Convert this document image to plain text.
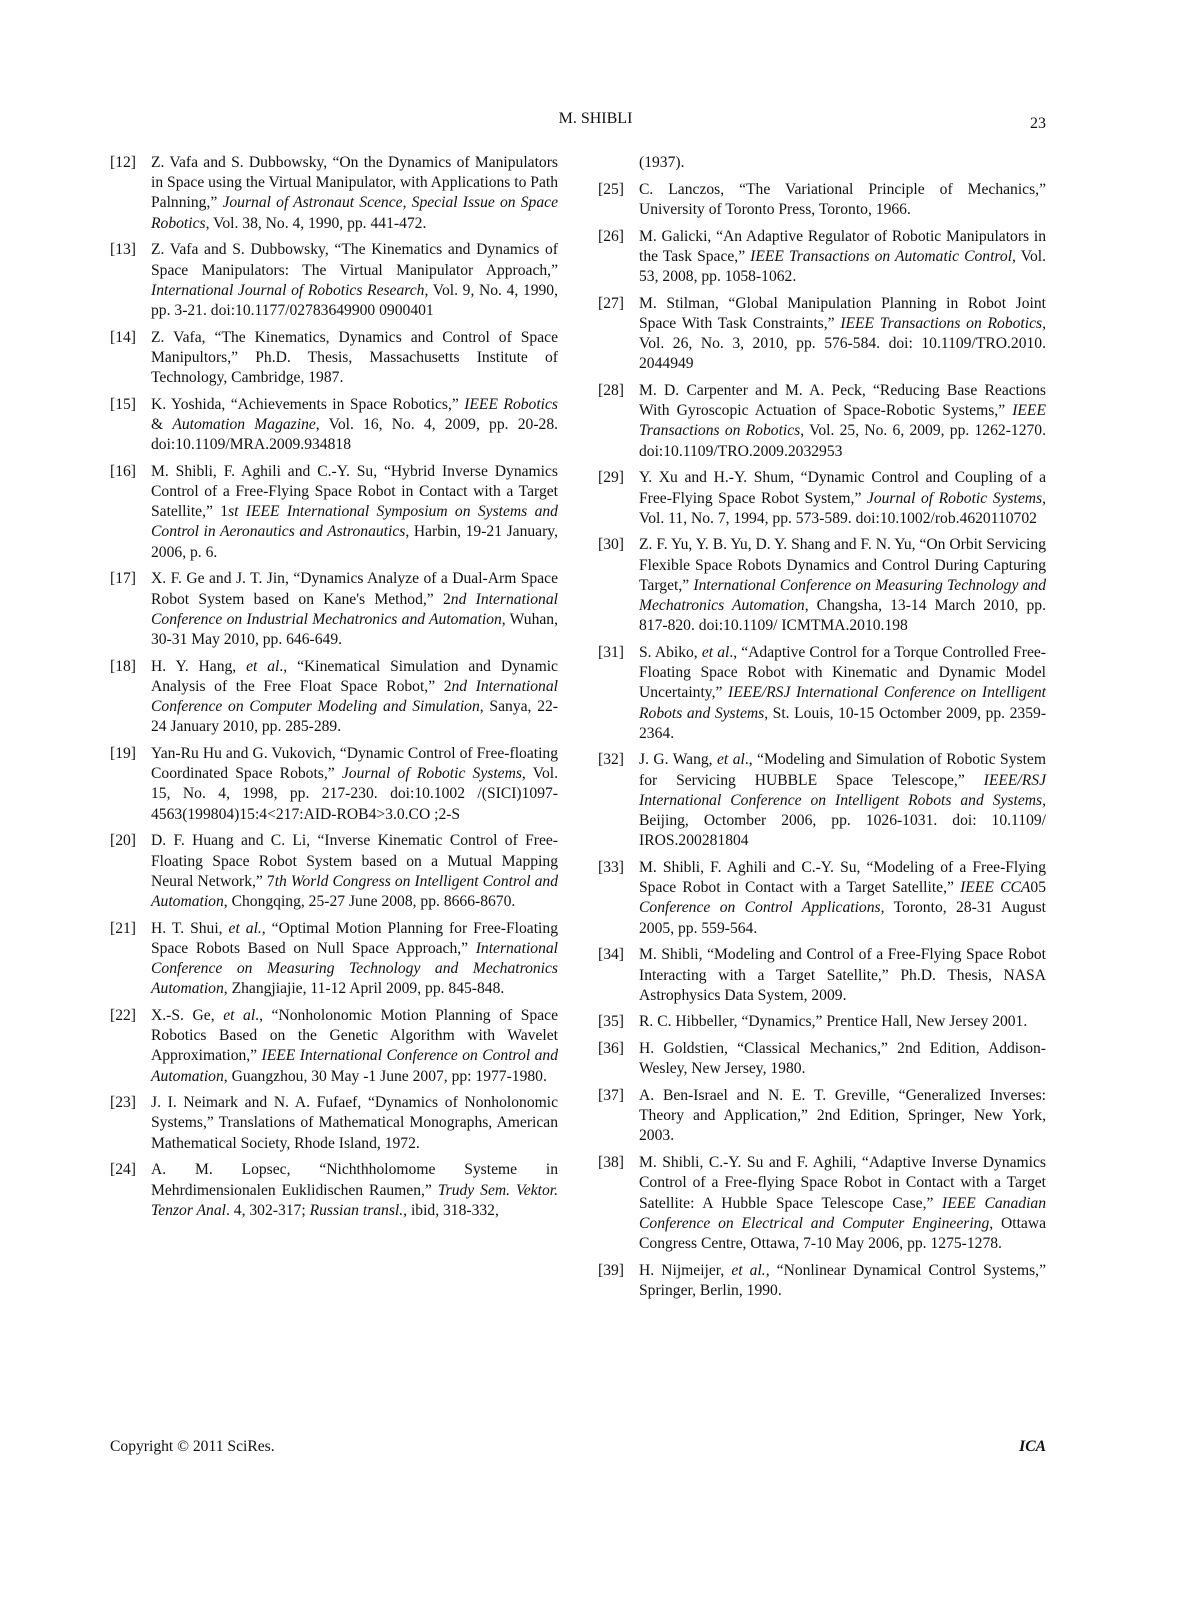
M. SHIBLI	23
[12] Z. Vafa and S. Dubbowsky, “On the Dynamics of Manipulators in Space using the Virtual Manipulator, with Applications to Path Palnning,” Journal of Astronaut Scence, Special Issue on Space Robotics, Vol. 38, No. 4, 1990, pp. 441-472.
[13] Z. Vafa and S. Dubbowsky, “The Kinematics and Dynamics of Space Manipulators: The Virtual Manipulator Approach,” International Journal of Robotics Research, Vol. 9, No. 4, 1990, pp. 3-21. doi:10.1177/02783649900 0900401
[14] Z. Vafa, “The Kinematics, Dynamics and Control of Space Manipultors,” Ph.D. Thesis, Massachusetts Institute of Technology, Cambridge, 1987.
[15] K. Yoshida, “Achievements in Space Robotics,” IEEE Robotics & Automation Magazine, Vol. 16, No. 4, 2009, pp. 20-28. doi:10.1109/MRA.2009.934818
[16] M. Shibli, F. Aghili and C.-Y. Su, “Hybrid Inverse Dynamics Control of a Free-Flying Space Robot in Contact with a Target Satellite,” 1st IEEE International Symposium on Systems and Control in Aeronautics and Astronautics, Harbin, 19-21 January, 2006, p. 6.
[17] X. F. Ge and J. T. Jin, “Dynamics Analyze of a Dual-Arm Space Robot System based on Kane's Method,” 2nd International Conference on Industrial Mechatronics and Automation, Wuhan, 30-31 May 2010, pp. 646-649.
[18] H. Y. Hang, et al., “Kinematical Simulation and Dynamic Analysis of the Free Float Space Robot,” 2nd International Conference on Computer Modeling and Simulation, Sanya, 22-24 January 2010, pp. 285-289.
[19] Yan-Ru Hu and G. Vukovich, “Dynamic Control of Free-floating Coordinated Space Robots,” Journal of Robotic Systems, Vol. 15, No. 4, 1998, pp. 217-230. doi:10.1002 /(SICI)1097-4563(199804)15:4<217:AID-ROB4>3.0.CO ;2-S
[20] D. F. Huang and C. Li, “Inverse Kinematic Control of Free-Floating Space Robot System based on a Mutual Mapping Neural Network,” 7th World Congress on Intelligent Control and Automation, Chongqing, 25-27 June 2008, pp. 8666-8670.
[21] H. T. Shui, et al., “Optimal Motion Planning for Free-Floating Space Robots Based on Null Space Approach,” International Conference on Measuring Technology and Mechatronics Automation, Zhangjiajie, 11-12 April 2009, pp. 845-848.
[22] X.-S. Ge, et al., “Nonholonomic Motion Planning of Space Robotics Based on the Genetic Algorithm with Wavelet Approximation,” IEEE International Conference on Control and Automation, Guangzhou, 30 May -1 June 2007, pp: 1977-1980.
[23] J. I. Neimark and N. A. Fufaef, “Dynamics of Nonholonomic Systems,” Translations of Mathematical Monographs, American Mathematical Society, Rhode Island, 1972.
[24] A. M. Lopsec, “Nichthholomome Systeme in Mehrdimensionalen Euklidischen Raumen,” Trudy Sem. Vektor. Tenzor Anal. 4, 302-317; Russian transl., ibid, 318-332,
(1937).
[25] C. Lanczos, “The Variational Principle of Mechanics,” University of Toronto Press, Toronto, 1966.
[26] M. Galicki, “An Adaptive Regulator of Robotic Manipulators in the Task Space,” IEEE Transactions on Automatic Control, Vol. 53, 2008, pp. 1058-1062.
[27] M. Stilman, “Global Manipulation Planning in Robot Joint Space With Task Constraints,” IEEE Transactions on Robotics, Vol. 26, No. 3, 2010, pp. 576-584. doi: 10.1109/TRO.2010. 2044949
[28] M. D. Carpenter and M. A. Peck, “Reducing Base Reactions With Gyroscopic Actuation of Space-Robotic Systems,” IEEE Transactions on Robotics, Vol. 25, No. 6, 2009, pp. 1262-1270. doi:10.1109/TRO.2009.2032953
[29] Y. Xu and H.-Y. Shum, “Dynamic Control and Coupling of a Free-Flying Space Robot System,” Journal of Robotic Systems, Vol. 11, No. 7, 1994, pp. 573-589. doi:10.1002/rob.4620110702
[30] Z. F. Yu, Y. B. Yu, D. Y. Shang and F. N. Yu, “On Orbit Servicing Flexible Space Robots Dynamics and Control During Capturing Target,” International Conference on Measuring Technology and Mechatronics Automation, Changsha, 13-14 March 2010, pp. 817-820. doi:10.1109/ ICMTMA.2010.198
[31] S. Abiko, et al., “Adaptive Control for a Torque Controlled Free-Floating Space Robot with Kinematic and Dynamic Model Uncertainty,” IEEE/RSJ International Conference on Intelligent Robots and Systems, St. Louis, 10-15 Octomber 2009, pp. 2359-2364.
[32] J. G. Wang, et al., “Modeling and Simulation of Robotic System for Servicing HUBBLE Space Telescope,” IEEE/RSJ International Conference on Intelligent Robots and Systems, Beijing, Octomber 2006, pp. 1026-1031. doi: 10.1109/ IROS.200281804
[33] M. Shibli, F. Aghili and C.-Y. Su, “Modeling of a Free-Flying Space Robot in Contact with a Target Satellite,” IEEE CCA05 Conference on Control Applications, Toronto, 28-31 August 2005, pp. 559-564.
[34] M. Shibli, “Modeling and Control of a Free-Flying Space Robot Interacting with a Target Satellite,” Ph.D. Thesis, NASA Astrophysics Data System, 2009.
[35] R. C. Hibbeller, “Dynamics,” Prentice Hall, New Jersey 2001.
[36] H. Goldstien, “Classical Mechanics,” 2nd Edition, Addison-Wesley, New Jersey, 1980.
[37] A. Ben-Israel and N. E. T. Greville, “Generalized Inverses: Theory and Application,” 2nd Edition, Springer, New York, 2003.
[38] M. Shibli, C.-Y. Su and F. Aghili, “Adaptive Inverse Dynamics Control of a Free-flying Space Robot in Contact with a Target Satellite: A Hubble Space Telescope Case,” IEEE Canadian Conference on Electrical and Computer Engineering, Ottawa Congress Centre, Ottawa, 7-10 May 2006, pp. 1275-1278.
[39] H. Nijmeijer, et al., “Nonlinear Dynamical Control Systems,” Springer, Berlin, 1990.
Copyright © 2011 SciRes.	ICA
